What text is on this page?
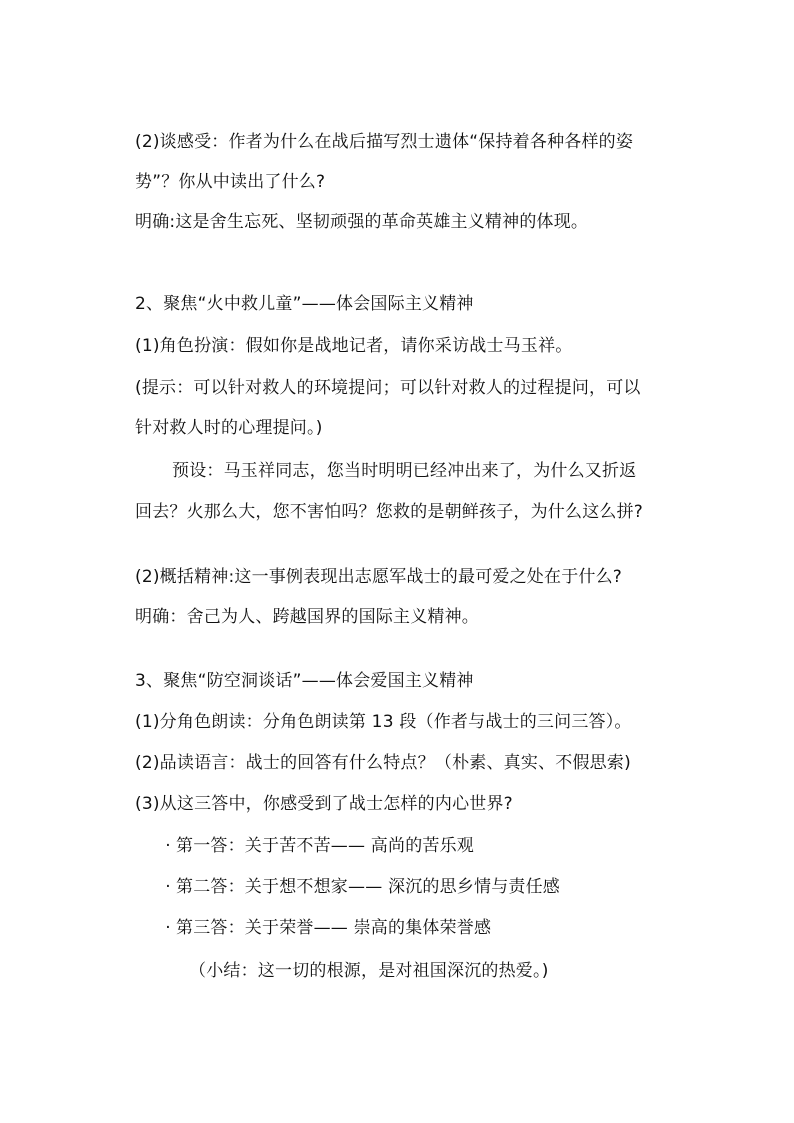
(2)谈感受：作者为什么在战后描写烈士遗体“保持着各种各样的姿
势”？你从中读出了什么?
明确:这是舍生忘死、坚韧顽强的革命英雄主义精神的体现。
2、聚焦“火中救儿童”——体会国际主义精神
(1)角色扮演：假如你是战地记者，请你采访战士马玉祥。
(提示：可以针对救人的环境提问；可以针对救人的过程提问，可以
针对救人时的心理提问。)
预设：马玉祥同志，您当时明明已经冲出来了，为什么又折返
回去？火那么大，您不害怕吗？您救的是朝鲜孩子，为什么这么拼?
(2)概括精神:这一事例表现出志愿军战士的最可爱之处在于什么?
明确：舍己为人、跨越国界的国际主义精神。
3、聚焦“防空洞谈话”——体会爱国主义精神
(1)分角色朗读：分角色朗读第 13 段（作者与战士的三问三答）。
(2)品读语言：战士的回答有什么特点？（朴素、真实、不假思索)
(3)从这三答中，你感受到了战士怎样的内心世界?
· 第一答：关于苦不苦—— 高尚的苦乐观
· 第二答：关于想不想家—— 深沉的思乡情与责任感
· 第三答：关于荣誉—— 崇高的集体荣誉感
（小结：这一切的根源，是对祖国深沉的热爱。)
